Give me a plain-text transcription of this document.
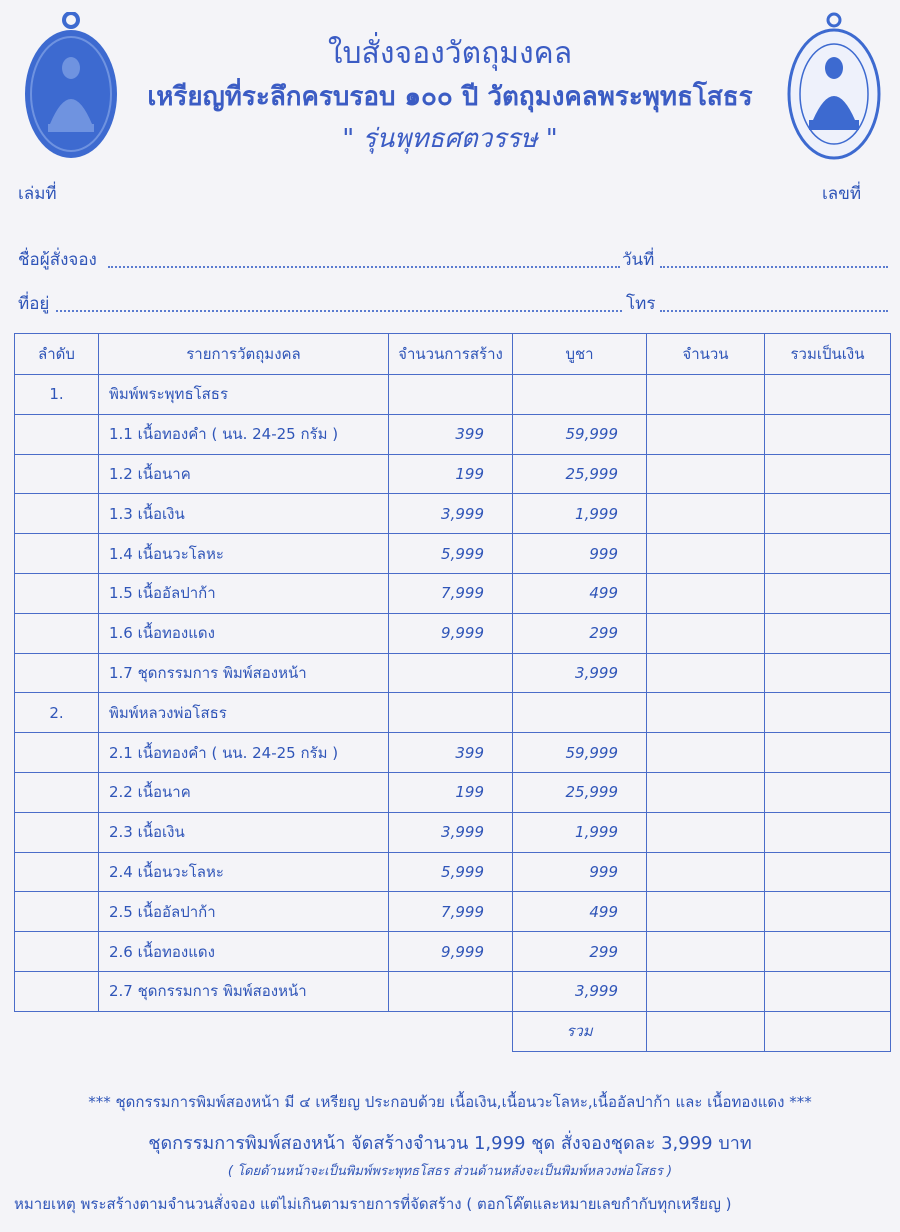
ใบสั่งจองวัตถุมงคล
เหรียญที่ระลึกครบรอบ ๑๐๐ ปี วัตถุมงคลพระพุทธโสธร
" รุ่นพุทธศตวรรษ "
เล่มที่	เลขที่
ชื่อผู้สั่งจอง	วันที่
ที่อยู่	โทร
ลำดับ	รายการวัตถุมงคล	จำนวนการสร้าง	บูชา	จำนวน	รวมเป็นเงิน
1.	พิมพ์พระพุทธโสธร				
	1.1 เนื้อทองคำ ( นน. 24-25 กรัม )	399	59,999		
	1.2 เนื้อนาค	199	25,999		
	1.3 เนื้อเงิน	3,999	1,999		
	1.4 เนื้อนวะโลหะ	5,999	999		
	1.5 เนื้ออัลปาก้า	7,999	499		
	1.6 เนื้อทองแดง	9,999	299		
	1.7 ชุดกรรมการ พิมพ์สองหน้า		3,999		
2.	พิมพ์หลวงพ่อโสธร				
	2.1 เนื้อทองคำ ( นน. 24-25 กรัม )	399	59,999		
	2.2 เนื้อนาค	199	25,999		
	2.3 เนื้อเงิน	3,999	1,999		
	2.4 เนื้อนวะโลหะ	5,999	999		
	2.5 เนื้ออัลปาก้า	7,999	499		
	2.6 เนื้อทองแดง	9,999	299		
	2.7 ชุดกรรมการ พิมพ์สองหน้า		3,999		
			รวม		
*** ชุดกรรมการพิมพ์สองหน้า มี ๔ เหรียญ ประกอบด้วย เนื้อเงิน,เนื้อนวะโลหะ,เนื้ออัลปาก้า และ เนื้อทองแดง ***
ชุดกรรมการพิมพ์สองหน้า จัดสร้างจำนวน 1,999 ชุด สั่งจองชุดละ 3,999 บาท
( โดยด้านหน้าจะเป็นพิมพ์พระพุทธโสธร ส่วนด้านหลังจะเป็นพิมพ์หลวงพ่อโสธร )
หมายเหตุ พระสร้างตามจำนวนสั่งจอง แต่ไม่เกินตามรายการที่จัดสร้าง ( ตอกโค๊ตและหมายเลขกำกับทุกเหรียญ )
